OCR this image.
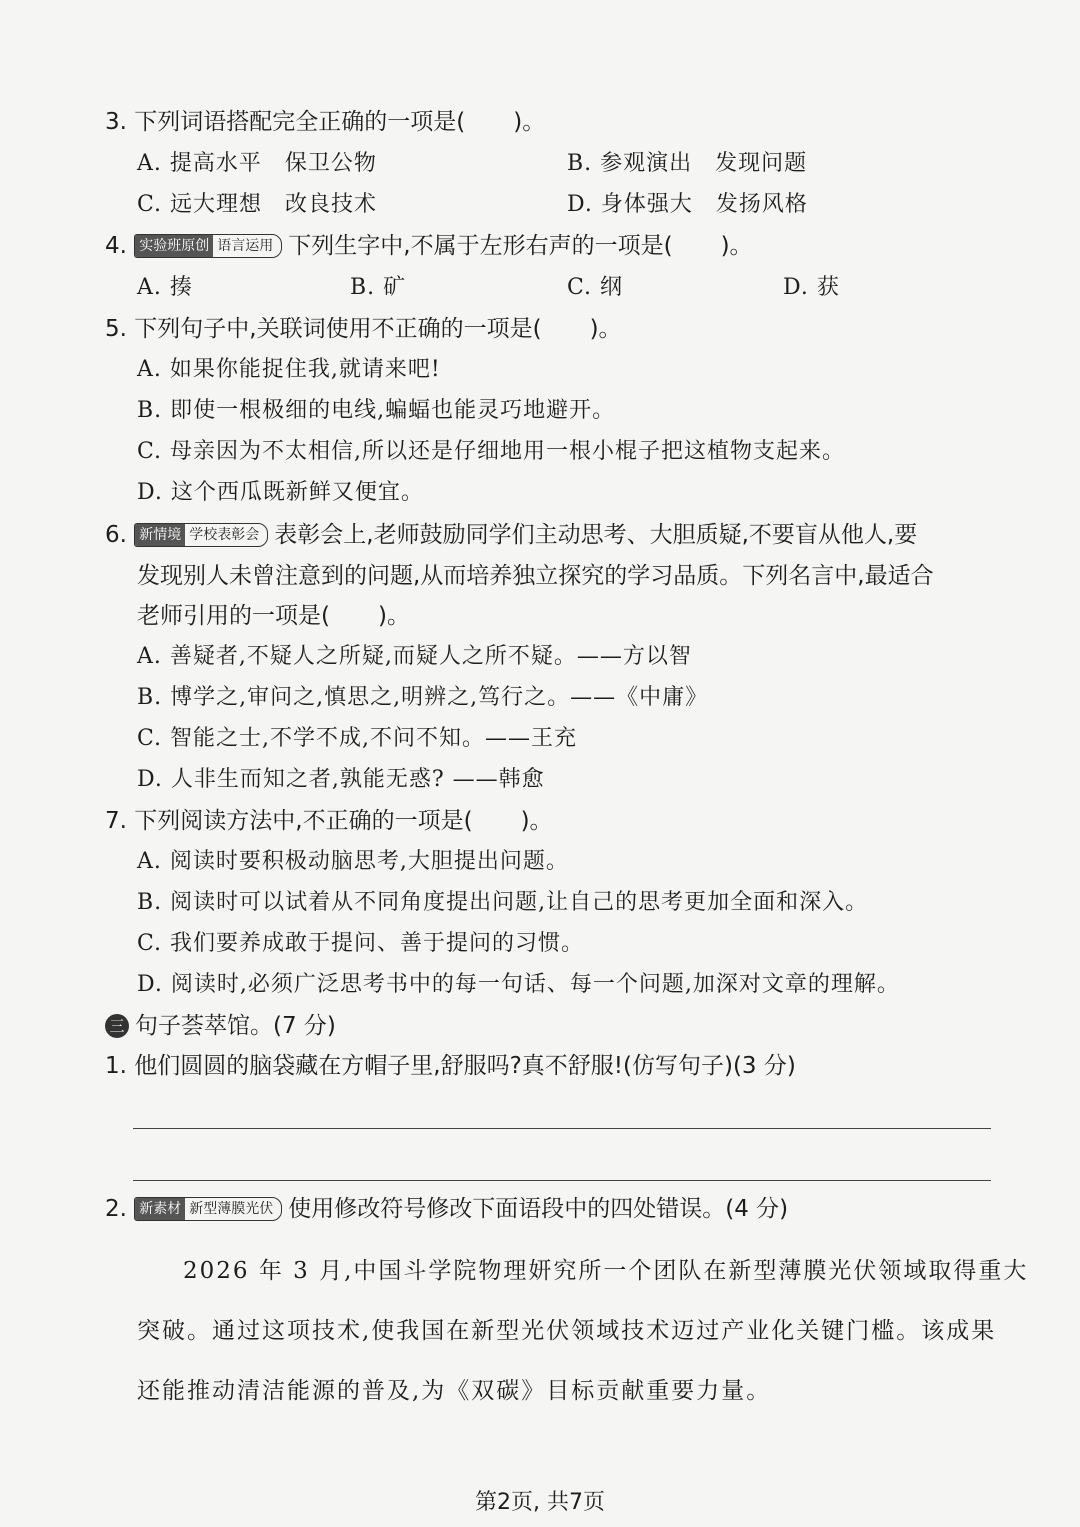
3. 下列词语搭配完全正确的一项是( )。
A. 提高水平　保卫公物	B. 参观演出　发现问题
C. 远大理想　改良技术	D. 身体强大　发扬风格
4. 实验班原创 语言运用 下列生字中,不属于左形右声的一项是( )。
A. 揍	B. 矿	C. 纲	D. 获
5. 下列句子中,关联词使用不正确的一项是( )。
A. 如果你能捉住我,就请来吧!
B. 即使一根极细的电线,蝙蝠也能灵巧地避开。
C. 母亲因为不太相信,所以还是仔细地用一根小棍子把这植物支起来。
D. 这个西瓜既新鲜又便宜。
6. 新情境 学校表彰会 表彰会上,老师鼓励同学们主动思考、大胆质疑,不要盲从他人,要
发现别人未曾注意到的问题,从而培养独立探究的学习品质。下列名言中,最适合
老师引用的一项是( )。
A. 善疑者,不疑人之所疑,而疑人之所不疑。——方以智
B. 博学之,审问之,慎思之,明辨之,笃行之。——《中庸》
C. 智能之士,不学不成,不问不知。——王充
D. 人非生而知之者,孰能无惑? ——韩愈
7. 下列阅读方法中,不正确的一项是( )。
A. 阅读时要积极动脑思考,大胆提出问题。
B. 阅读时可以试着从不同角度提出问题,让自己的思考更加全面和深入。
C. 我们要养成敢于提问、善于提问的习惯。
D. 阅读时,必须广泛思考书中的每一句话、每一个问题,加深对文章的理解。
三 句子荟萃馆。(7 分)
1. 他们圆圆的脑袋藏在方帽子里,舒服吗?真不舒服!(仿写句子)(3 分)
2. 新素材 新型薄膜光伏 使用修改符号修改下面语段中的四处错误。(4 分)
2026 年 3 月,中国斗学院物理妍究所一个团队在新型薄膜光伏领域取得重大
突破。通过这项技术,使我国在新型光伏领域技术迈过产业化关键门槛。该成果
还能推动清洁能源的普及,为《双碳》目标贡献重要力量。
第2页, 共7页
